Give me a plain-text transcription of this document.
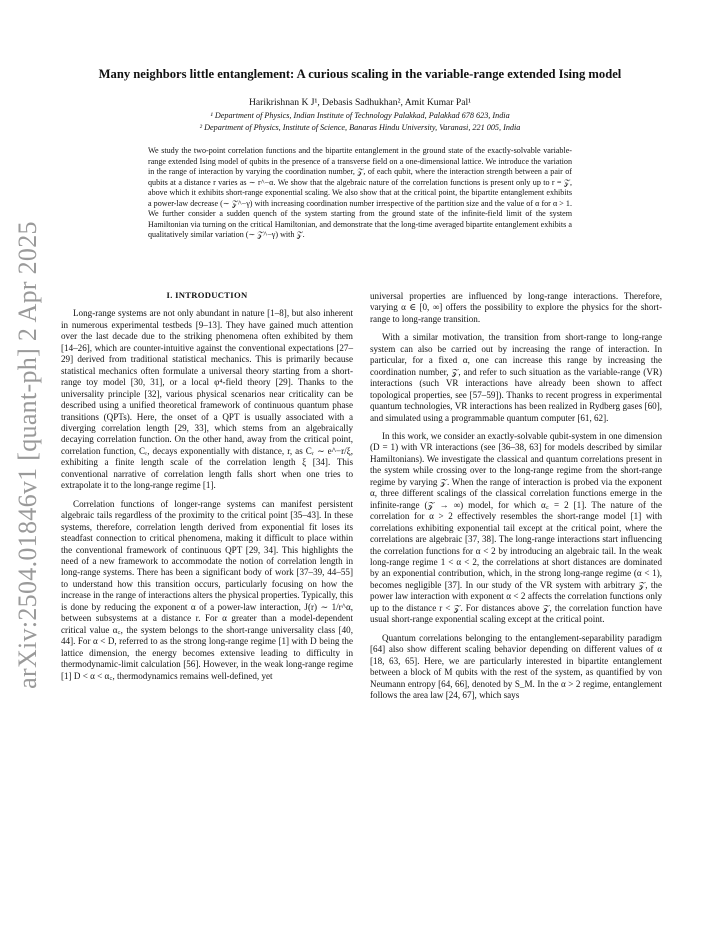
arXiv:2504.01846v1 [quant-ph] 2 Apr 2025
Many neighbors little entanglement: A curious scaling in the variable-range extended Ising model
Harikrishnan K J¹, Debasis Sadhukhan², Amit Kumar Pal¹
¹ Department of Physics, Indian Institute of Technology Palakkad, Palakkad 678 623, India
² Department of Physics, Institute of Science, Banaras Hindu University, Varanasi, 221 005, India
We study the two-point correlation functions and the bipartite entanglement in the ground state of the exactly-solvable variable-range extended Ising model of qubits in the presence of a transverse field on a one-dimensional lattice. We introduce the variation in the range of interaction by varying the coordination number, 𝒵, of each qubit, where the interaction strength between a pair of qubits at a distance r varies as ∼ r^−α. We show that the algebraic nature of the correlation functions is present only up to r = 𝒵, above which it exhibits short-range exponential scaling. We also show that at the critical point, the bipartite entanglement exhibits a power-law decrease (∼ 𝒵^−γ) with increasing coordination number irrespective of the partition size and the value of α for α > 1. We further consider a sudden quench of the system starting from the ground state of the infinite-field limit of the system Hamiltonian via turning on the critical Hamiltonian, and demonstrate that the long-time averaged bipartite entanglement exhibits a qualitatively similar variation (∼ 𝒵^−γ) with 𝒵.

I. INTRODUCTION

Long-range systems are not only abundant in nature [1–8], but also inherent in numerous experimental testbeds [9–13]. They have gained much attention over the last decade due to the striking phenomena often exhibited by them [14–26], which are counter-intuitive against the conventional expectations [27–29] derived from traditional statistical mechanics. This is primarily because statistical mechanics often formulate a universal theory starting from a short-range toy model [30, 31], or a local φ⁴-field theory [29]. Thanks to the universality principle [32], various physical scenarios near criticality can be described using a unified theoretical framework of continuous quantum phase transitions (QPTs). Here, the onset of a QPT is usually associated with a diverging correlation length [29, 33], which stems from an algebraically decaying correlation function. On the other hand, away from the critical point, correlation function, Cᵣ, decays exponentially with distance, r, as Cᵣ ∼ e^−r/ξ, exhibiting a finite length scale of the correlation length ξ [34]. This conventional narrative of correlation length falls short when one tries to extrapolate it to the long-range regime [1].

Correlation functions of longer-range systems can manifest persistent algebraic tails regardless of the proximity to the critical point [35–43]. In these systems, therefore, correlation length derived from exponential fit loses its steadfast connection to critical phenomena, making it difficult to place within the conventional framework of continuous QPT [29, 34]. This highlights the need of a new framework to accommodate the notion of correlation length in long-range systems. There has been a significant body of work [37–39, 44–55] to understand how this transition occurs, particularly focusing on how the increase in the range of interactions alters the physical properties. Typically, this is done by reducing the exponent α of a power-law interaction, J(r) ∼ 1/r^α, between subsystems at a distance r. For α greater than a model-dependent critical value α꜀, the system belongs to the short-range universality class [40, 44]. For α < D, referred to as the strong long-range regime [1] with D being the lattice dimension, the energy becomes extensive leading to difficulty in thermodynamic-limit calculation [56]. However, in the weak long-range regime [1] D < α < α꜀, thermodynamics remains well-defined, yet

universal properties are influenced by long-range interactions. Therefore, varying α ∈ [0, ∞] offers the possibility to explore the physics for the short-range to long-range transition.

With a similar motivation, the transition from short-range to long-range system can also be carried out by increasing the range of interaction. In particular, for a fixed α, one can increase this range by increasing the coordination number, 𝒵, and refer to such situation as the variable-range (VR) interactions (such VR interactions have already been shown to affect topological properties, see [57–59]). Thanks to recent progress in experimental quantum technologies, VR interactions has been realized in Rydberg gases [60], and simulated using a programmable quantum computer [61, 62].

In this work, we consider an exactly-solvable qubit-system in one dimension (D = 1) with VR interactions (see [36–38, 63] for models described by similar Hamiltonians). We investigate the classical and quantum correlations present in the system while crossing over to the long-range regime from the short-range regime by varying 𝒵. When the range of interaction is probed via the exponent α, three different scalings of the classical correlation functions emerge in the infinite-range (𝒵 → ∞) model, for which α꜀ = 2 [1]. The nature of the correlation for α > 2 effectively resembles the short-range model [1] with correlations exhibiting exponential tail except at the critical point, where the correlations are algebraic [37, 38]. The long-range interactions start influencing the correlation functions for α < 2 by introducing an algebraic tail. In the weak long-range regime 1 < α < 2, the correlations at short distances are dominated by an exponential contribution, which, in the strong long-range regime (α < 1), becomes negligible [37]. In our study of the VR system with arbitrary 𝒵, the power law interaction with exponent α < 2 affects the correlation functions only up to the distance r < 𝒵. For distances above 𝒵, the correlation function have usual short-range exponential scaling except at the critical point.

Quantum correlations belonging to the entanglement-separability paradigm [64] also show different scaling behavior depending on different values of α [18, 63, 65]. Here, we are particularly interested in bipartite entanglement between a block of M qubits with the rest of the system, as quantified by von Neumann entropy [64, 66], denoted by S_M. In the α > 2 regime, entanglement follows the area law [24, 67], which says
